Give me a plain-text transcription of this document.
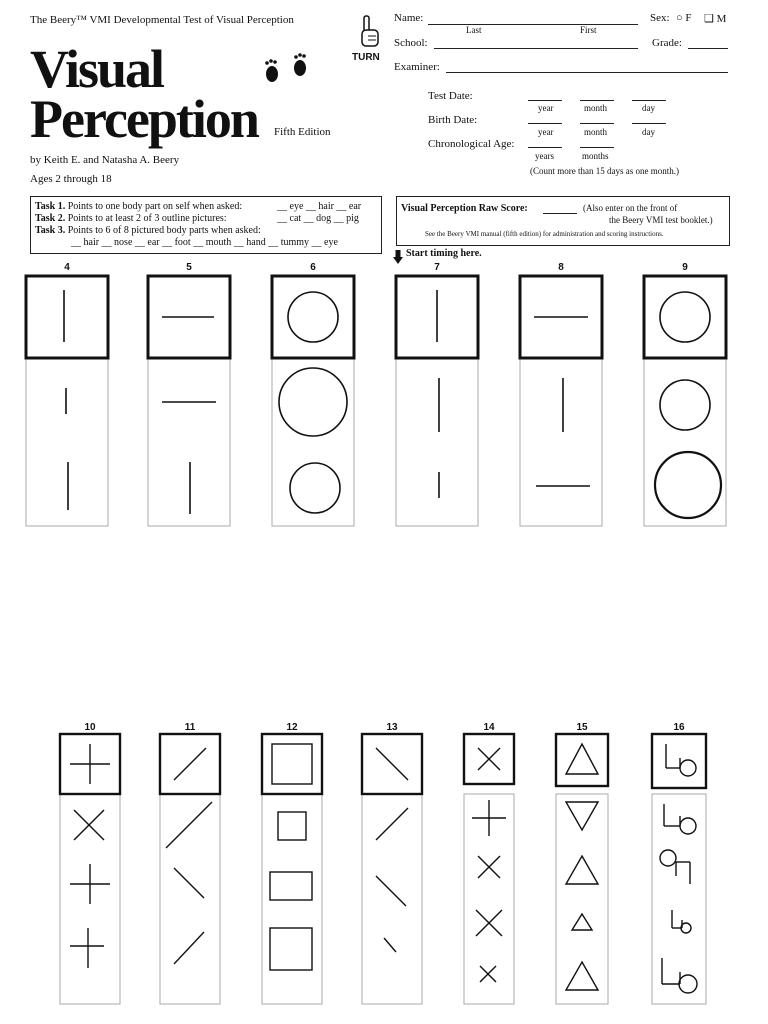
The Beery™ VMI Developmental Test of Visual Perception
Visual
Perception Fifth Edition
by Keith E. and Natasha A. Beery
Ages 2 through 18
TURN
Name:
Last	First
Sex: ○ F ❑ M
School:	Grade:
Examiner:
Test Date:
year	month	day
Birth Date:
year	month	day
Chronological Age:
years	months
(Count more than 15 days as one month.)
Task 1. Points to one body part on self when asked:	__ eye __ hair __ ear
Task 2. Points to at least 2 of 3 outline pictures:	__ cat __ dog __ pig
Task 3. Points to 6 of 8 pictured body parts when asked:
__ hair __ nose __ ear __ foot __ mouth __ hand __ tummy __ eye
Visual Perception Raw Score:	(Also enter on the front of
the Beery VMI test booklet.)
See the Beery VMI manual (fifth edition) for administration and scoring instructions.
Start timing here.
4	5	6	7	8	9
10	11	12	13	14	15	16
